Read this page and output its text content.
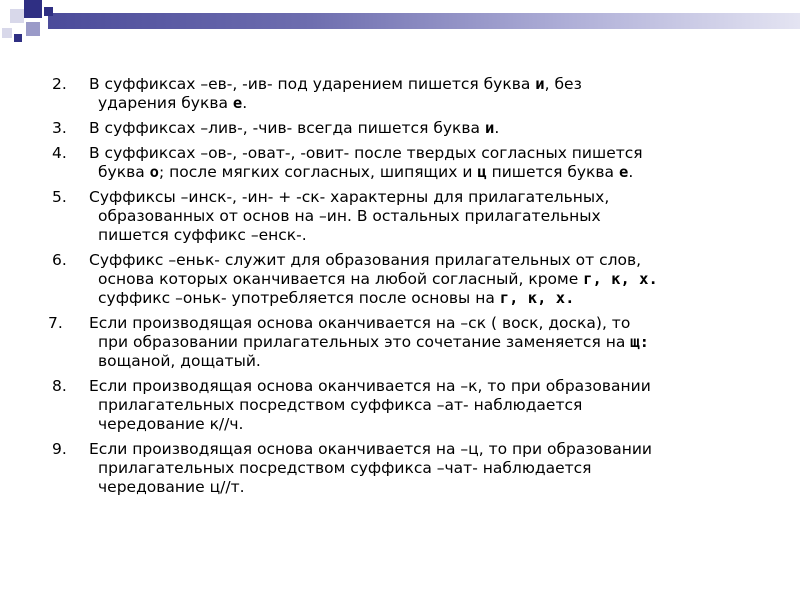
2. В суффиксах –ев-, -ив- под ударением пишется буква и, без
ударения буква е.
3. В суффиксах –лив-, -чив- всегда пишется буква и.
4. В суффиксах –ов-, -оват-, -овит- после твердых согласных пишется
буква о; после мягких согласных, шипящих и ц пишется буква е.
5. Суффиксы –инск-, -ин- + -ск- характерны для прилагательных,
образованных от основ на –ин. В остальных прилагательных
пишется суффикс –енск-.
6. Суффикс –еньк- служит для образования прилагательных от слов,
основа которых оканчивается на любой согласный, кроме г, к, х.
суффикс –оньк- употребляется после основы на г, к, х.
7. Если производящая основа оканчивается на –ск ( воск, доска), то
при образовании прилагательных это сочетание заменяется на щ:
вощаной, дощатый.
8. Если производящая основа оканчивается на –к, то при образовании
прилагательных посредством суффикса –ат- наблюдается
чередование к//ч.
9. Если производящая основа оканчивается на –ц, то при образовании
прилагательных посредством суффикса –чат- наблюдается
чередование ц//т.
